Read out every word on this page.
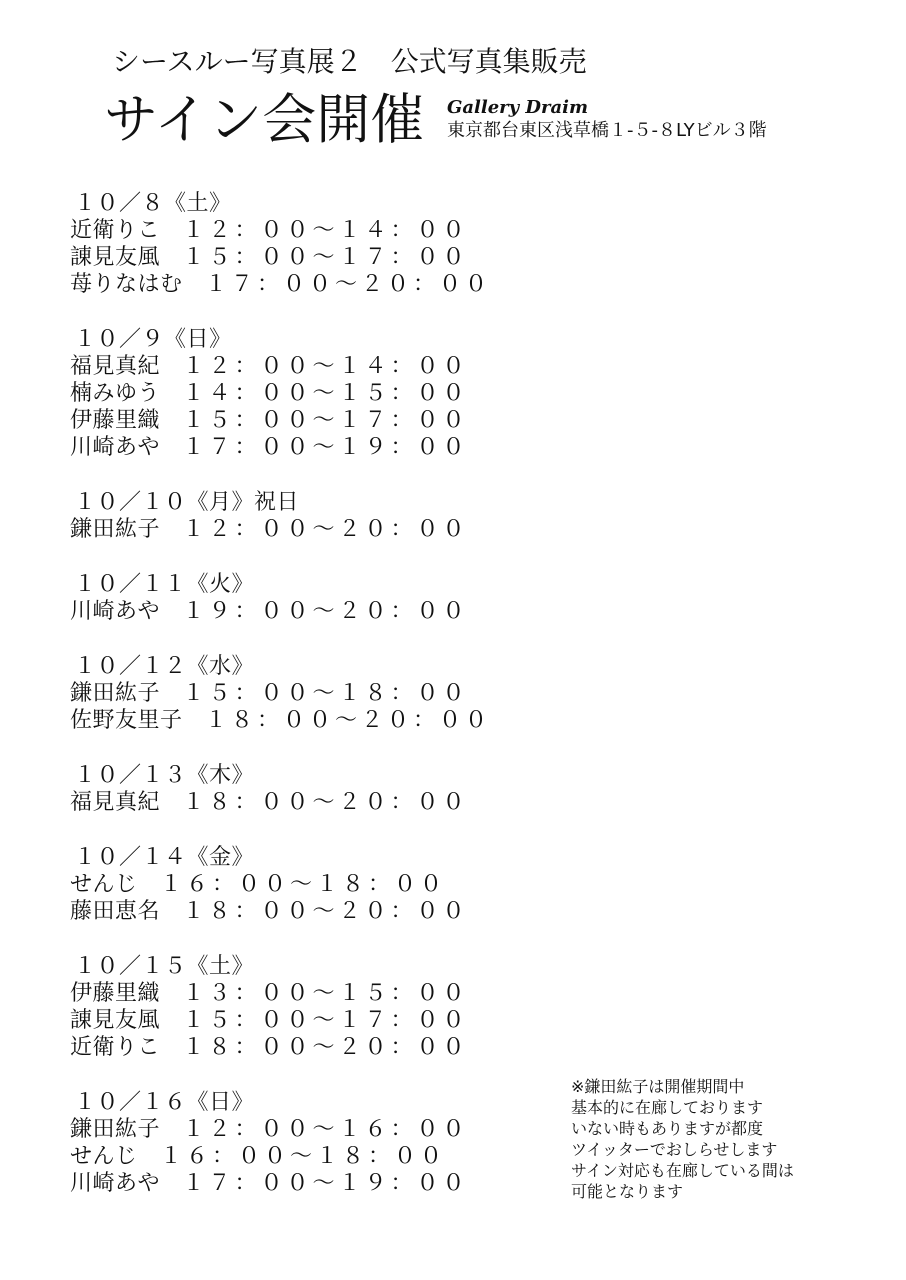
シースルー写真展２　公式写真集販売
サイン会開催 Gallery Draim
東京都台東区浅草橋１-５-８LYビル３階
１０／８《土》
近衛りこ　 １２：００〜１４：００
諌見友風　 １５：００〜１７：００
苺りなはむ　 １７：００〜２０：００
１０／９《日》
福見真紀　 １２：００〜１４：００
楠みゆう　 １４：００〜１５：００
伊藤里織　 １５：００〜１７：００
川崎あや　 １７：００〜１９：００
１０／１０《月》祝日
鎌田紘子　 １２：００〜２０：００
１０／１１《火》
川崎あや　 １９：００〜２０：００
１０／１２《水》
鎌田紘子　 １５：００〜１８：００
佐野友里子　 １８：００〜２０：００
１０／１３《木》
福見真紀　 １８：００〜２０：００
１０／１４《金》
せんじ　 １６：００〜１８：００
藤田恵名　 １８：００〜２０：００
１０／１５《土》
伊藤里織　 １３：００〜１５：００
諌見友風　 １５：００〜１７：００
近衛りこ　 １８：００〜２０：００
１０／１６《日》
鎌田紘子　 １２：００〜１６：００
せんじ　 １６：００〜１８：００
川崎あや　 １７：００〜１９：００
※鎌田紘子は開催期間中
基本的に在廊しております
いない時もありますが都度
ツイッターでおしらせします
サイン対応も在廊している間は
可能となります
